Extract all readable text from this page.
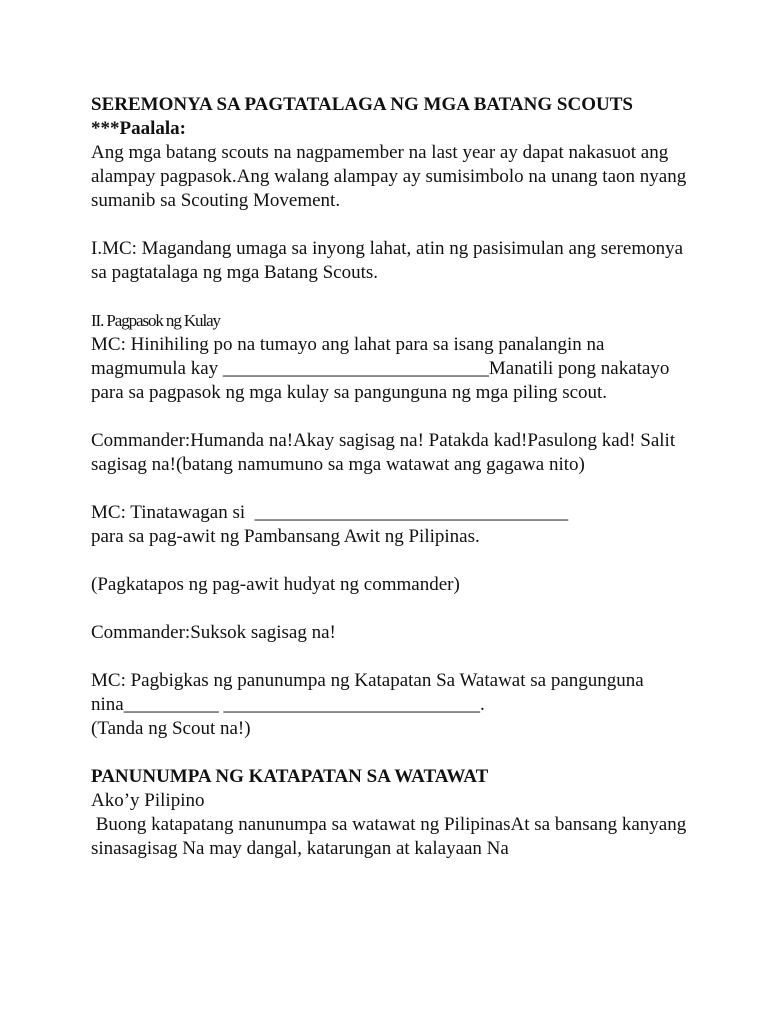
SEREMONYA SA PAGTATALAGA NG MGA BATANG SCOUTS

***Paalala:

Ang mga batang scouts na nagpamember na last year ay dapat nakasuot ang alampay pagpasok.Ang walang alampay ay sumisimbolo na unang taon nyang sumanib sa Scouting Movement.

I.MC: Magandang umaga sa inyong lahat, atin ng pasisimulan ang seremonya sa pagtatalaga ng mga Batang Scouts.

II. Pagpasok ng Kulay

MC: Hinihiling po na tumayo ang lahat para sa isang panalangin na magmumula kay ____________________________Manatili pong nakatayo para sa pagpasok ng mga kulay sa pangunguna ng mga piling scout.

Commander:Humanda na!Akay sagisag na! Patakda kad!Pasulong kad! Salit sagisag na!(batang namumuno sa mga watawat ang gagawa nito)

MC: Tinatawagan si  _________________________________

para sa pag-awit ng Pambansang Awit ng Pilipinas.

(Pagkatapos ng pag-awit hudyat ng commander)

Commander:Suksok sagisag na!

MC: Pagbigkas ng panunumpa ng Katapatan Sa Watawat sa pangunguna

nina__________ ___________________________.

(Tanda ng Scout na!)

PANUNUMPA NG KATAPATAN SA WATAWAT

Ako’y Pilipino

Buong katapatang nanunumpa sa watawat ng PilipinasAt sa bansang kanyang sinasagisag Na may dangal, katarungan at kalayaan Na
